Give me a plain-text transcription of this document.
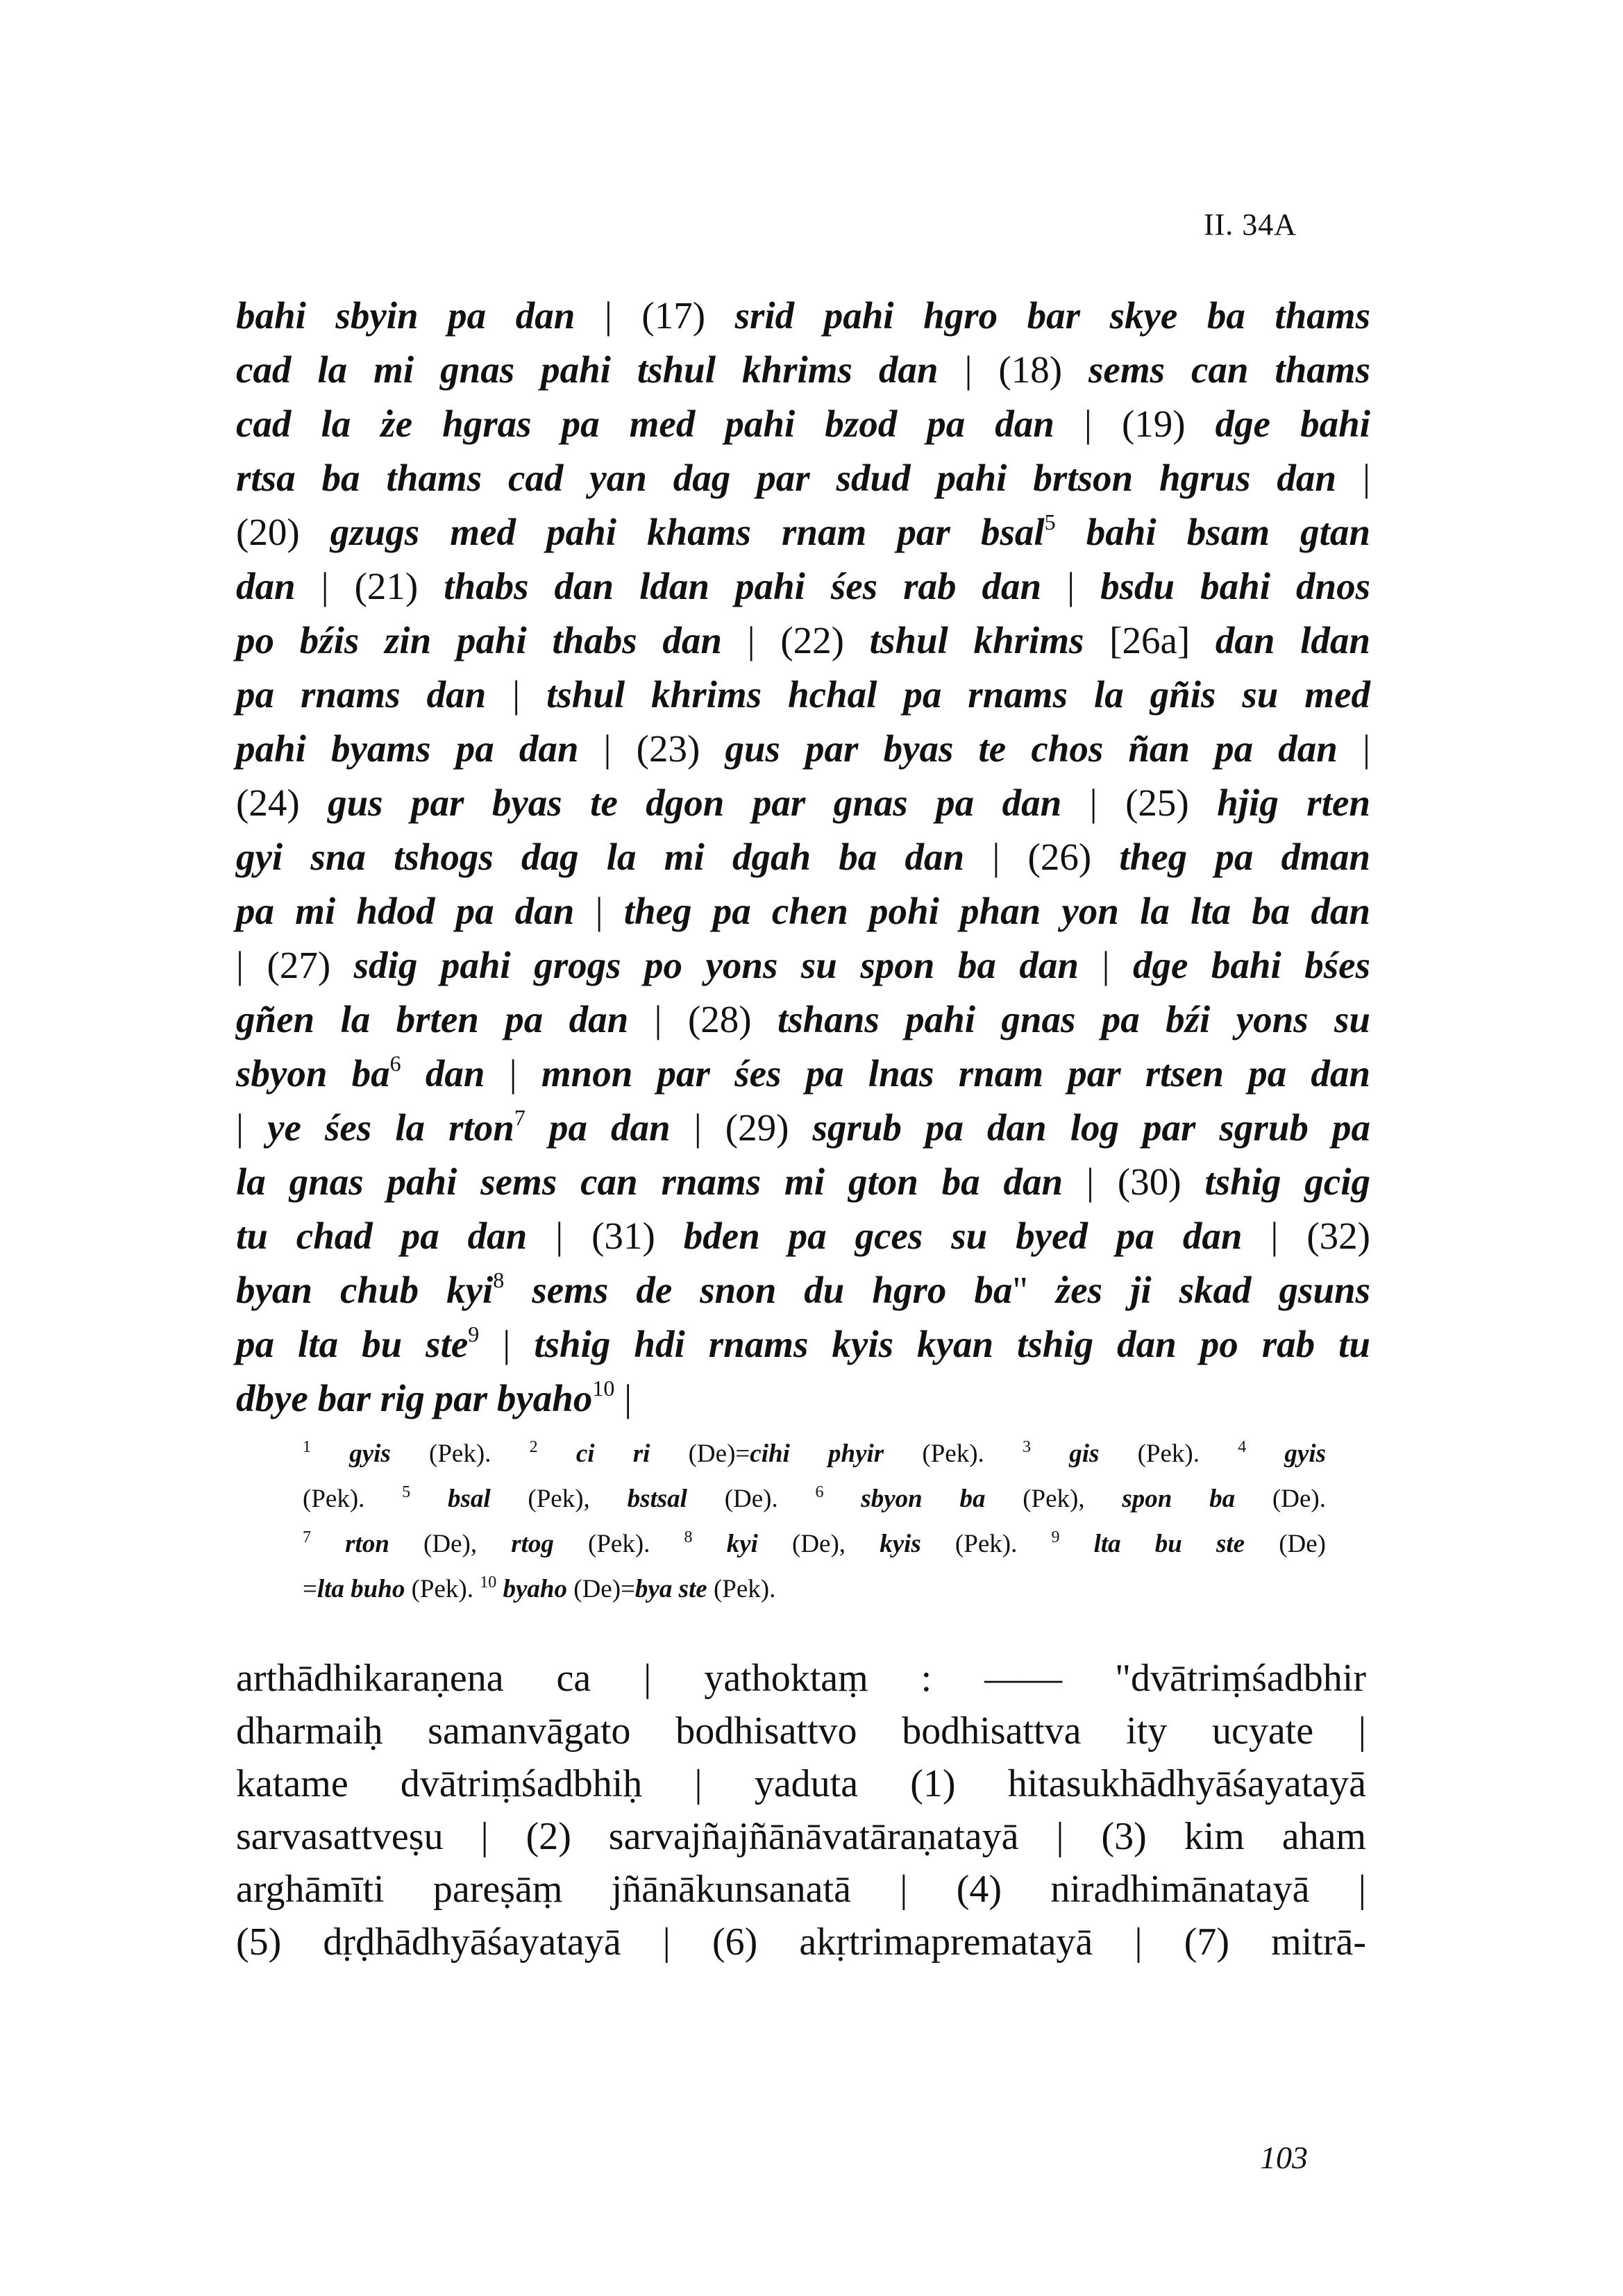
II. 34A

bahi sbyin pa dan | (17) srid pahi hgro bar skye ba thams
cad la mi gnas pahi tshul khrims dan | (18) sems can thams
cad la że hgras pa med pahi bzod pa dan | (19) dge bahi
rtsa ba thams cad yan dag par sdud pahi brtson hgrus dan |
(20) gzugs med pahi khams rnam par bsal$^5$ bahi bsam gtan
dan | (21) thabs dan ldan pahi śes rab dan | bsdu bahi dnos
po bźis zin pahi thabs dan | (22) tshul khrims [26a] dan ldan
pa rnams dan | tshul khrims hchal pa rnams la gñis su med
pahi byams pa dan | (23) gus par byas te chos ñan pa dan |
(24) gus par byas te dgon par gnas pa dan | (25) hjig rten
gyi sna tshogs dag la mi dgah ba dan | (26) theg pa dman
pa mi hdod pa dan | theg pa chen pohi phan yon la lta ba dan
| (27) sdig pahi grogs po yons su spon ba dan | dge bahi bśes
gñen la brten pa dan | (28) tshans pahi gnas pa bźi yons su
sbyon $ba^6$ dan | mnon par śes pa lnas rnam par rtsen pa dan
| ye śes la rton$^7$ pa dan | (29) sgrub pa dan log par sgrub pa
la gnas pahi sems can rnams mi gton ba dan | (30) tshig gcig
tu chad pa dan | (31) bden pa gces su byed pa dan | (32)
byan chub kyi$^8$ sems de snon du hgro ba" żes ji skad gsuns
pa lta bu ste$^9$ | tshig hdi rnams kyis kyan tshig dan po rab tu
dbye bar rig par byaho$^{10}$ |
$^1$ gyis (Pek). $^2$ ci ri (De)=cihi phyir (Pek). $^3$ gis (Pek). $^4$ gyis
(Pek). $^5$ bsal (Pek), bstsal (De). $^6$ sbyon ba (Pek), spon ba (De).
$^7$ rton (De), rtog (Pek). $^8$ kyi (De), kyis (Pek). $^9$ lta bu ste (De)
=lta buho (Pek). $^{10}$ byaho (De)=bya ste (Pek).
arthādhikaraṇena ca | yathoktaṃ : —— "dvātriṃśadbhir
dharmaiḥ samanvāgato bodhisattvo bodhisattva ity ucyate |
katame dvātriṃśadbhiḥ | yaduta (1) hitasukhādhyāśayatayā
sarvasattveṣu | (2) sarvajñajñānāvatāraṇatayā | (3) kim aham
arghāmīti pareṣāṃ jñānākunsanatā | (4) niradhimānatayā |
(5) dṛḍhādhyāśayatayā | (6) akṛtrimaprematayā | (7) mitrā-

103
